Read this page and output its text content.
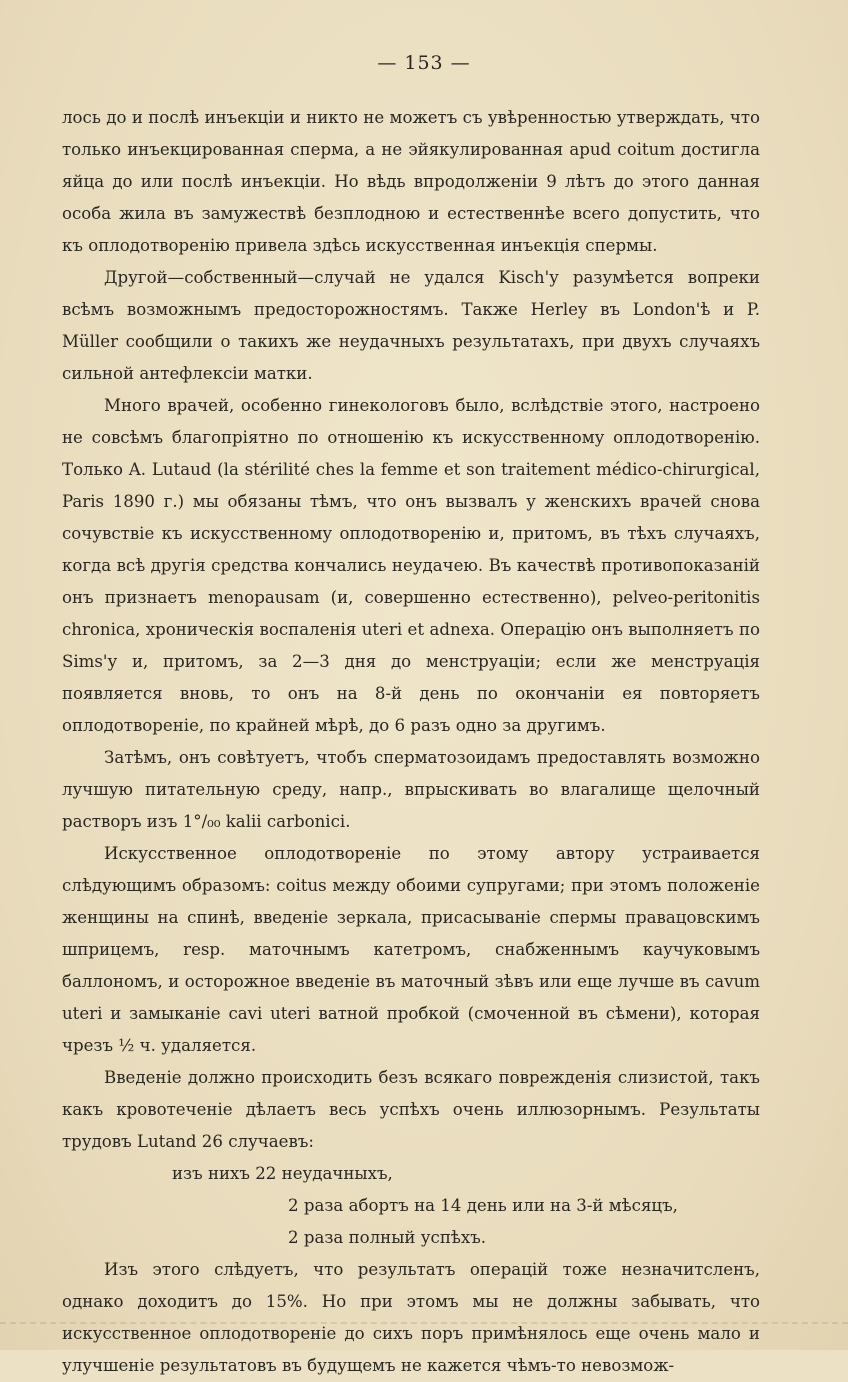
— 153 —

лось до и послѣ инъекціи и никто не можетъ съ увѣренностью утверждать, что только инъекцированная сперма, а не эйякулированная apud coitum достигла яйца до или послѣ инъекціи. Но вѣдь впродолженіи 9 лѣтъ до этого данная особа жила въ замужествѣ безплодною и естественнѣе всего допустить, что къ оплодотворенію привела здѣсь искусственная инъекція спермы.

Другой—собственный—случай не удался Kisch'у разумѣется вопреки всѣмъ возможнымъ предосторожностямъ. Также Herley въ London'ѣ и P. Müller сообщили о такихъ же неудачныхъ результатахъ, при двухъ случаяхъ сильной антефлексіи матки.

Много врачей, особенно гинекологовъ было, вслѣдствіе этого, настроено не совсѣмъ благопріятно по отношенію къ искусственному оплодотворенію. Только A. Lutaud (la stérilité ches la femme et son traitement médico-chirurgical, Paris 1890 г.) мы обязаны тѣмъ, что онъ вызвалъ у женскихъ врачей снова сочувствіе къ искусственному оплодотворенію и, притомъ, въ тѣхъ случаяхъ, когда всѣ другія средства кончались неудачею. Въ качествѣ противопоказаній онъ признаетъ menopausam (и, совершенно естественно), pelveo-peritonitis chronica, хроническія воспаленія uteri et adnexa. Операцію онъ выполняетъ по Sims'у и, притомъ, за 2—3 дня до менструаціи; если же менструація появляется вновь, то онъ на 8-й день по окончаніи ея повторяетъ оплодотвореніе, по крайней мѣрѣ, до 6 разъ одно за другимъ.

Затѣмъ, онъ совѣтуетъ, чтобъ сперматозоидамъ предоставлять возможно лучшую питательную среду, напр., впрыскивать во влагалище щелочный растворъ изъ 1°/₀₀ kalii carbonici.

Искусственное оплодотвореніе по этому автору устраивается слѣдующимъ образомъ: coitus между обоими супругами; при этомъ положеніе женщины на спинѣ, введеніе зеркала, присасываніе спермы правацовскимъ шприцемъ, resp. маточнымъ катетромъ, снабженнымъ каучуковымъ баллономъ, и осторожное введеніе въ маточный зѣвъ или еще лучше въ cavum uteri и замыканіе cavi uteri ватной пробкой (смоченной въ сѣмени), которая чрезъ ½ ч. удаляется.

Введеніе должно происходить безъ всякаго поврежденія слизистой, такъ какъ кровотеченіе дѣлаетъ весь успѣхъ очень иллюзорнымъ. Результаты трудовъ Lutand 26 случаевъ:

изъ нихъ 22 неудачныхъ,
2 раза абортъ на 14 день или на 3-й мѣсяцъ,
2 раза полный успѣхъ.

Изъ этого слѣдуетъ, что результатъ операцій тоже незначитсленъ, однако доходитъ до 15%. Но при этомъ мы не должны забывать, что искусственное оплодотвореніе до сихъ поръ примѣнялось еще очень мало и улучшеніе результатовъ въ будущемъ не кажется чѣмъ-то невозмож-
